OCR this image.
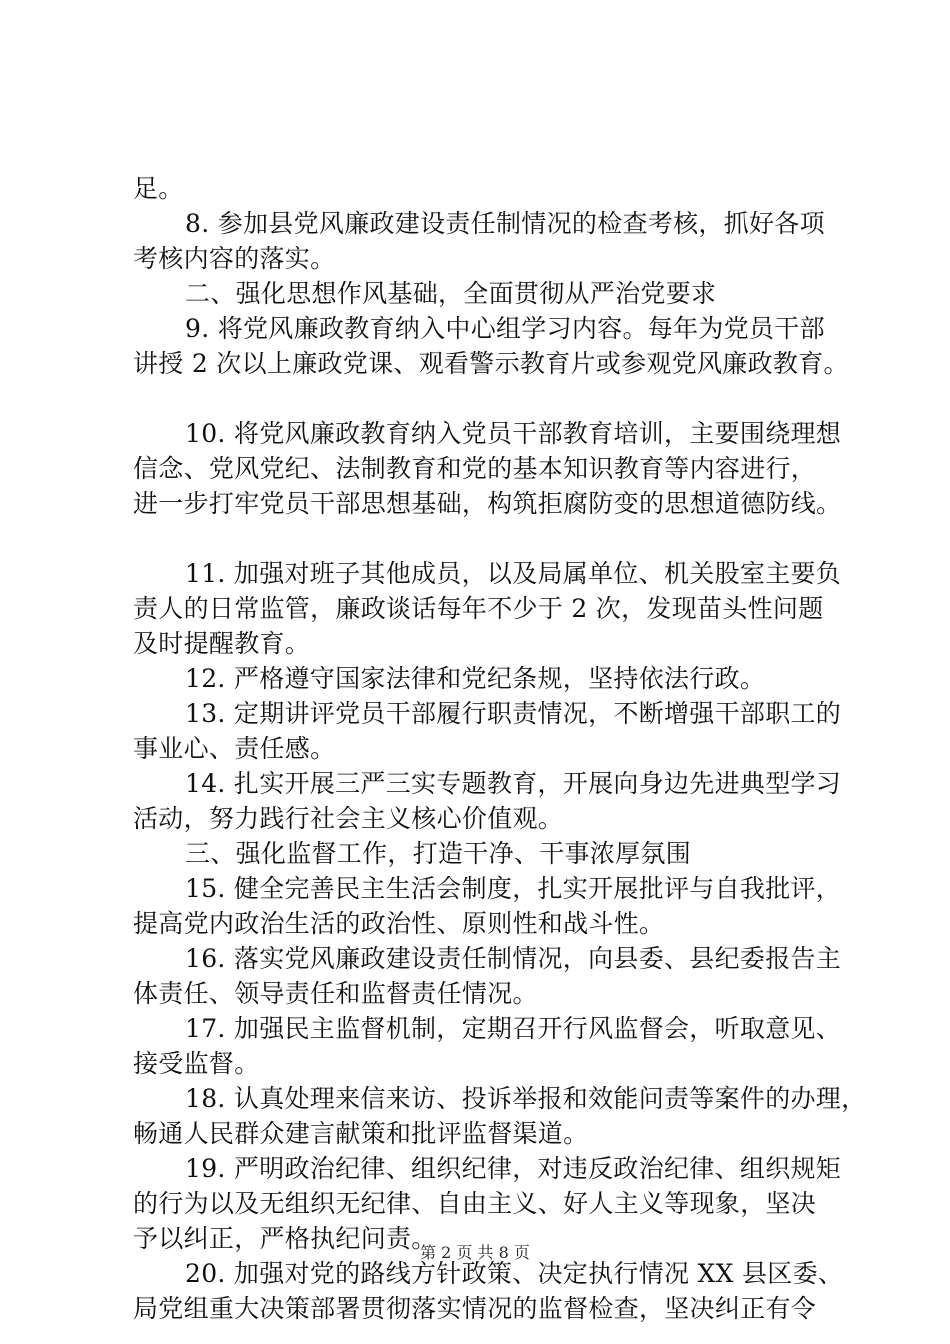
足。
8. 参加县党风廉政建设责任制情况的检查考核，抓好各项
考核内容的落实。
二、强化思想作风基础，全面贯彻从严治党要求
9. 将党风廉政教育纳入中心组学习内容。每年为党员干部
讲授 2 次以上廉政党课、观看警示教育片或参观党风廉政教育。
10. 将党风廉政教育纳入党员干部教育培训，主要围绕理想
信念、党风党纪、法制教育和党的基本知识教育等内容进行，
进一步打牢党员干部思想基础，构筑拒腐防变的思想道德防线。
11. 加强对班子其他成员，以及局属单位、机关股室主要负
责人的日常监管，廉政谈话每年不少于 2 次，发现苗头性问题
及时提醒教育。
12. 严格遵守国家法律和党纪条规，坚持依法行政。
13. 定期讲评党员干部履行职责情况，不断增强干部职工的
事业心、责任感。
14. 扎实开展三严三实专题教育，开展向身边先进典型学习
活动，努力践行社会主义核心价值观。
三、强化监督工作，打造干净、干事浓厚氛围
15. 健全完善民主生活会制度，扎实开展批评与自我批评，
提高党内政治生活的政治性、原则性和战斗性。
16. 落实党风廉政建设责任制情况，向县委、县纪委报告主
体责任、领导责任和监督责任情况。
17. 加强民主监督机制，定期召开行风监督会，听取意见、
接受监督。
18. 认真处理来信来访、投诉举报和效能问责等案件的办理，
畅通人民群众建言献策和批评监督渠道。
19. 严明政治纪律、组织纪律，对违反政治纪律、组织规矩
的行为以及无组织无纪律、自由主义、好人主义等现象，坚决
予以纠正，严格执纪问责。
20. 加强对党的路线方针政策、决定执行情况 XX 县区委、
局党组重大决策部署贯彻落实情况的监督检查，坚决纠正有令
第 2 页 共 8 页
